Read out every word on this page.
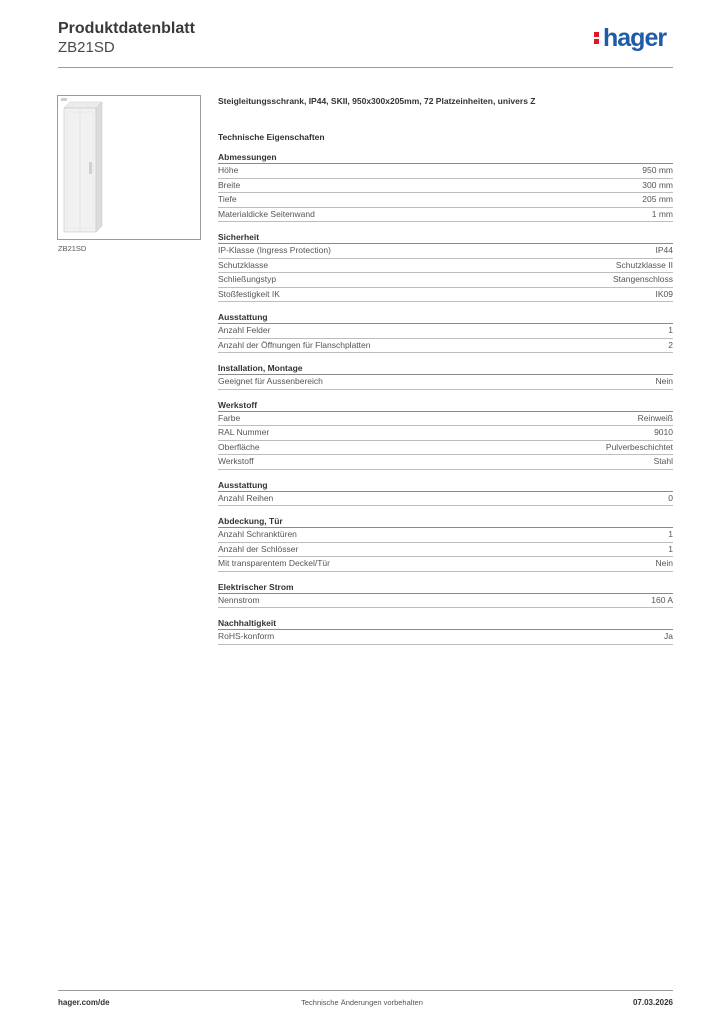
Produktdatenblatt
ZB21SD	hager
ZB21SD
Steigleitungsschrank, IP44, SKII, 950x300x205mm, 72 Platzeinheiten, univers Z
Technische Eigenschaften
Abmessungen
Höhe	950 mm
Breite	300 mm
Tiefe	205 mm
Materialdicke Seitenwand	1 mm
Sicherheit
IP-Klasse (Ingress Protection)	IP44
Schutzklasse	Schutzklasse II
Schließungstyp	Stangenschloss
Stoßfestigkeit IK	IK09
Ausstattung
Anzahl Felder	1
Anzahl der Öffnungen für Flanschplatten	2
Installation, Montage
Geeignet für Aussenbereich	Nein
Werkstoff
Farbe	Reinweiß
RAL Nummer	9010
Oberfläche	Pulverbeschichtet
Werkstoff	Stahl
Ausstattung
Anzahl Reihen	0
Abdeckung, Tür
Anzahl Schranktüren	1
Anzahl der Schlösser	1
Mit transparentem Deckel/Tür	Nein
Elektrischer Strom
Nennstrom	160 A
Nachhaltigkeit
RoHS-konform	Ja
hager.com/de	Technische Änderungen vorbehalten	07.03.2026
